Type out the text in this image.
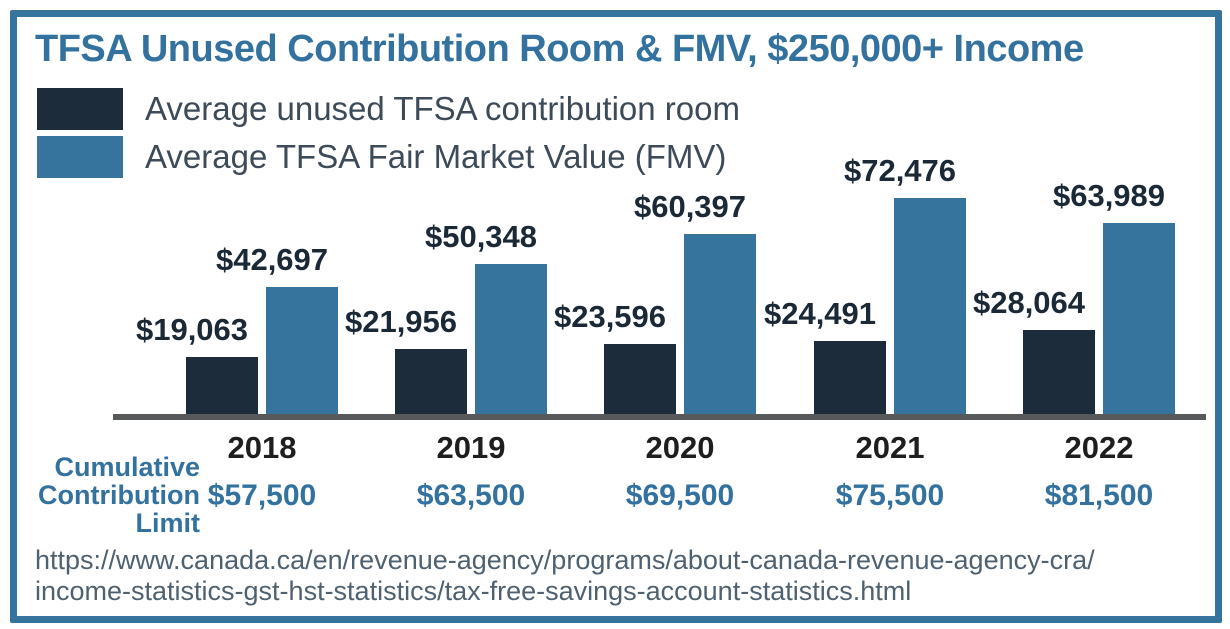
TFSA Unused Contribution Room & FMV, $250,000+ Income
Average unused TFSA contribution room
Average TFSA Fair Market Value (FMV)
$19,063
$42,697
2018
$57,500
$21,956
$50,348
2019
$63,500
$23,596
$60,397
2020
$69,500
$24,491
$72,476
2021
$75,500
$28,064
$63,989
2022
$81,500
Cumulative
Contribution
Limit
https://www.canada.ca/en/revenue-agency/programs/about-canada-revenue-agency-cra/
income-statistics-gst-hst-statistics/tax-free-savings-account-statistics.html
